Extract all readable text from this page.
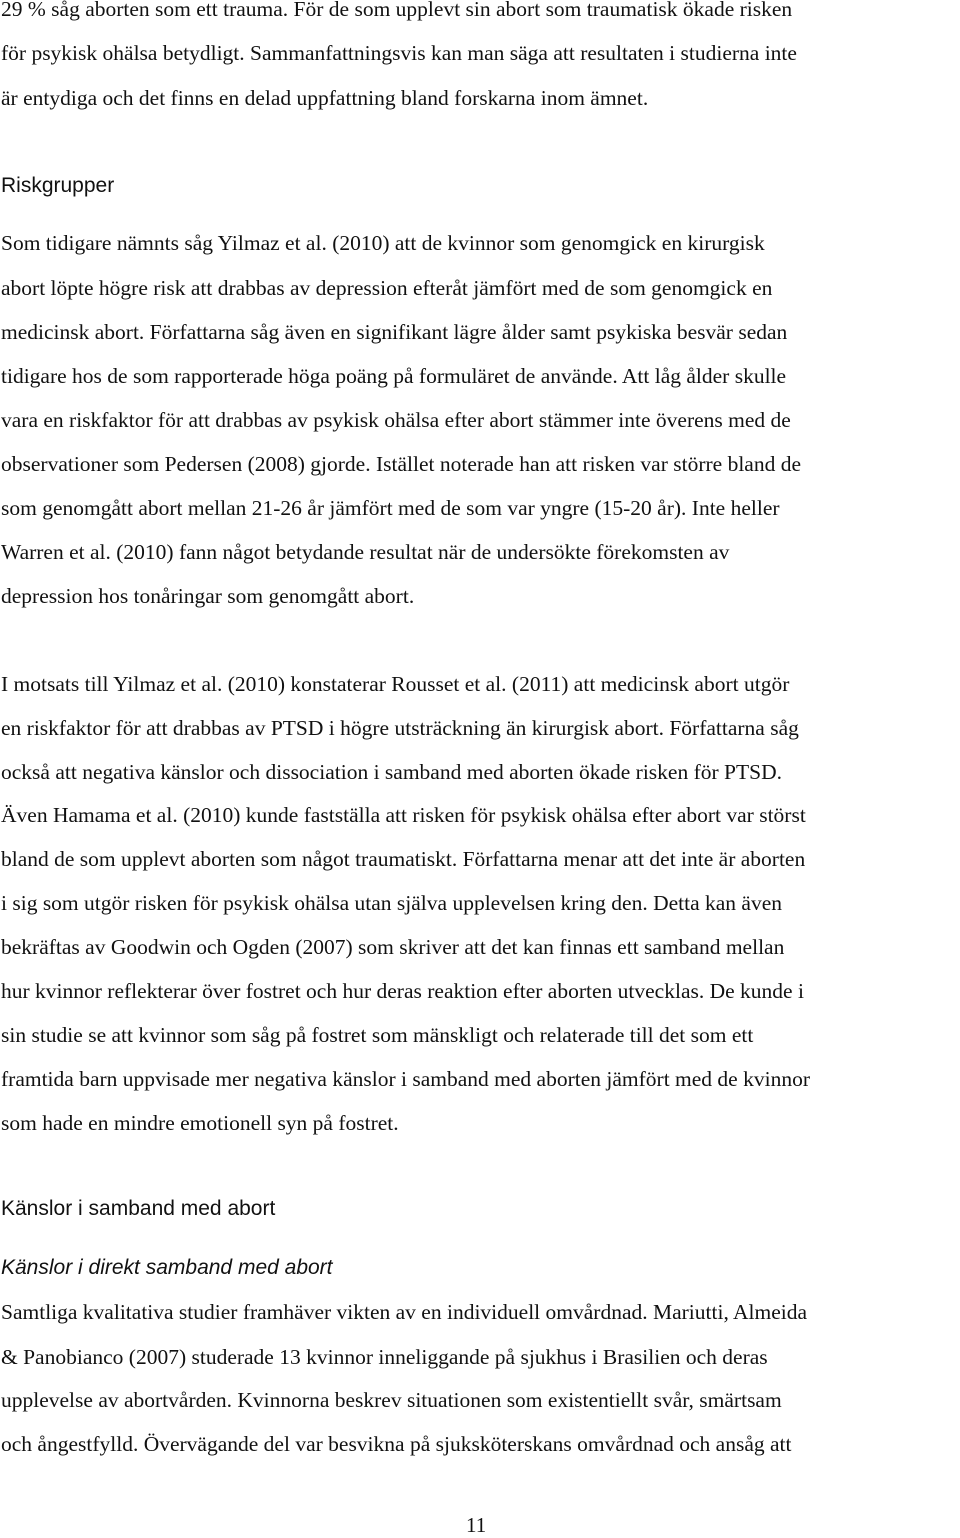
29 % såg aborten som ett trauma. För de som upplevt sin abort som traumatisk ökade risken
för psykisk ohälsa betydligt. Sammanfattningsvis kan man säga att resultaten i studierna inte
är entydiga och det finns en delad uppfattning bland forskarna inom ämnet.
Riskgrupper
Som tidigare nämnts såg Yilmaz et al. (2010) att de kvinnor som genomgick en kirurgisk
abort löpte högre risk att drabbas av depression efteråt jämfört med de som genomgick en
medicinsk abort. Författarna såg även en signifikant lägre ålder samt psykiska besvär sedan
tidigare hos de som rapporterade höga poäng på formuläret de använde. Att låg ålder skulle
vara en riskfaktor för att drabbas av psykisk ohälsa efter abort stämmer inte överens med de
observationer som Pedersen (2008) gjorde. Istället noterade han att risken var större bland de
som genomgått abort mellan 21-26 år jämfört med de som var yngre (15-20 år). Inte heller
Warren et al. (2010) fann något betydande resultat när de undersökte förekomsten av
depression hos tonåringar som genomgått abort.
I motsats till Yilmaz et al. (2010) konstaterar Rousset et al. (2011) att medicinsk abort utgör
en riskfaktor för att drabbas av PTSD i högre utsträckning än kirurgisk abort. Författarna såg
också att negativa känslor och dissociation i samband med aborten ökade risken för PTSD.
Även Hamama et al. (2010) kunde fastställa att risken för psykisk ohälsa efter abort var störst
bland de som upplevt aborten som något traumatiskt. Författarna menar att det inte är aborten
i sig som utgör risken för psykisk ohälsa utan själva upplevelsen kring den. Detta kan även
bekräftas av Goodwin och Ogden (2007) som skriver att det kan finnas ett samband mellan
hur kvinnor reflekterar över fostret och hur deras reaktion efter aborten utvecklas. De kunde i
sin studie se att kvinnor som såg på fostret som mänskligt och relaterade till det som ett
framtida barn uppvisade mer negativa känslor i samband med aborten jämfört med de kvinnor
som hade en mindre emotionell syn på fostret.
Känslor i samband med abort
Känslor i direkt samband med abort
Samtliga kvalitativa studier framhäver vikten av en individuell omvårdnad. Mariutti, Almeida
& Panobianco (2007) studerade 13 kvinnor inneliggande på sjukhus i Brasilien och deras
upplevelse av abortvården. Kvinnorna beskrev situationen som existentiellt svår, smärtsam
och ångestfylld. Övervägande del var besvikna på sjuksköterskans omvårdnad och ansåg att
11
